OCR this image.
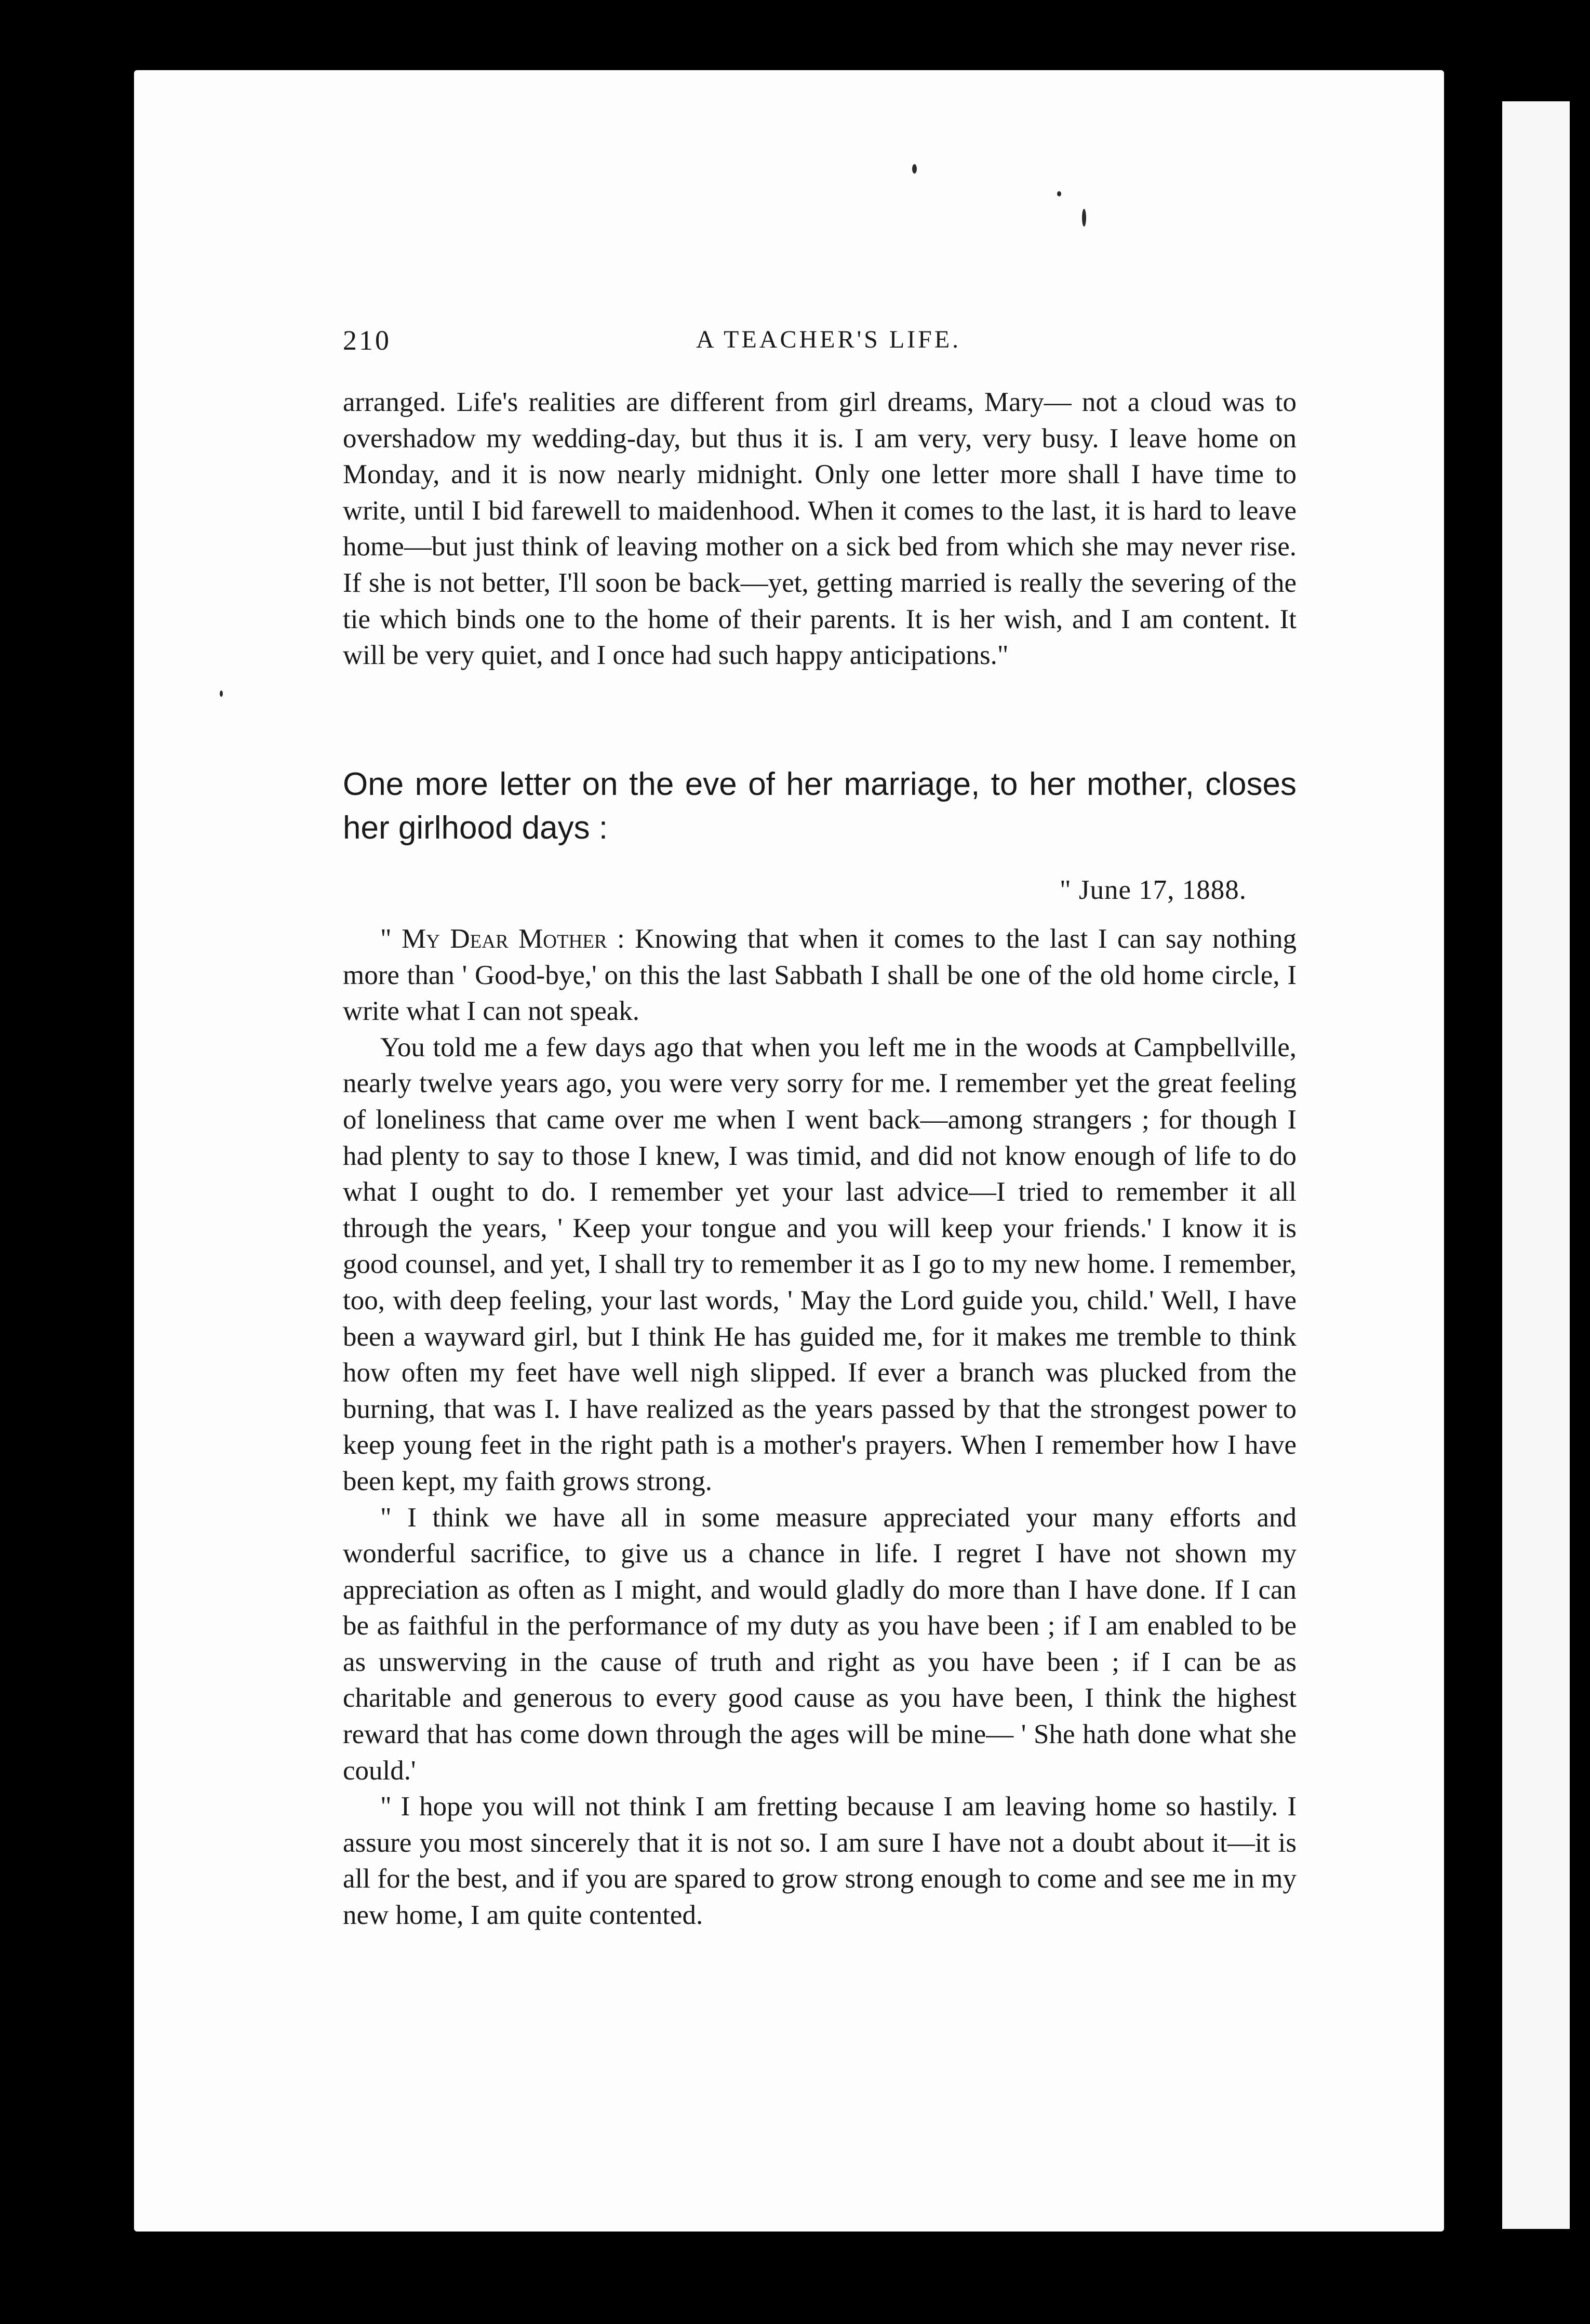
210	A TEACHER'S LIFE.

arranged. Life's realities are different from girl dreams, Mary— not a cloud was to overshadow my wedding-day, but thus it is. I am very, very busy. I leave home on Monday, and it is now nearly midnight. Only one letter more shall I have time to write, until I bid farewell to maidenhood. When it comes to the last, it is hard to leave home—but just think of leaving mother on a sick bed from which she may never rise. If she is not better, I'll soon be back—yet, getting married is really the severing of the tie which binds one to the home of their parents. It is her wish, and I am content. It will be very quiet, and I once had such happy anticipations."

One more letter on the eve of her marriage, to her mother, closes her girlhood days :
" June 17, 1888.

" My Dear Mother : Knowing that when it comes to the last I can say nothing more than ' Good-bye,' on this the last Sabbath I shall be one of the old home circle, I write what I can not speak.

You told me a few days ago that when you left me in the woods at Campbellville, nearly twelve years ago, you were very sorry for me. I remember yet the great feeling of loneliness that came over me when I went back—among strangers ; for though I had plenty to say to those I knew, I was timid, and did not know enough of life to do what I ought to do. I remember yet your last advice—I tried to remember it all through the years, ' Keep your tongue and you will keep your friends.' I know it is good counsel, and yet, I shall try to remember it as I go to my new home. I remember, too, with deep feeling, your last words, ' May the Lord guide you, child.' Well, I have been a wayward girl, but I think He has guided me, for it makes me tremble to think how often my feet have well nigh slipped. If ever a branch was plucked from the burning, that was I. I have realized as the years passed by that the strongest power to keep young feet in the right path is a mother's prayers. When I remember how I have been kept, my faith grows strong.

" I think we have all in some measure appreciated your many efforts and wonderful sacrifice, to give us a chance in life. I regret I have not shown my appreciation as often as I might, and would gladly do more than I have done. If I can be as faithful in the performance of my duty as you have been ; if I am enabled to be as unswerving in the cause of truth and right as you have been ; if I can be as charitable and generous to every good cause as you have been, I think the highest reward that has come down through the ages will be mine— ' She hath done what she could.'

" I hope you will not think I am fretting because I am leaving home so hastily. I assure you most sincerely that it is not so. I am sure I have not a doubt about it—it is all for the best, and if you are spared to grow strong enough to come and see me in my new home, I am quite contented.
